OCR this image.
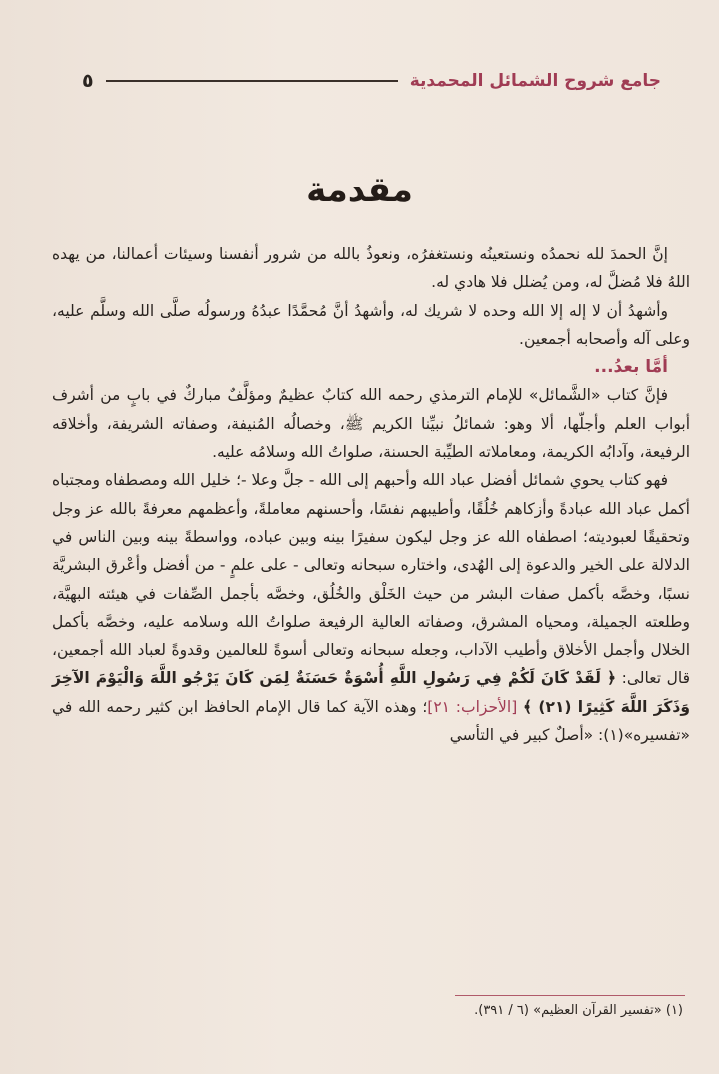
جامع شروح الشمائل المحمدية
٥
مقدمة

إنَّ الحمدَ لله نحمدُه ونستعينُه ونستغفرُه، ونعوذُ بالله من شرور أنفسنا وسيئات أعمالنا، من يهده اللهُ فلا مُضلَّ له، ومن يُضلل فلا هادي له.

وأشهدُ أن لا إله إلا الله وحده لا شريك له، وأشهدُ أنَّ مُحمَّدًا عبدُهُ ورسولُه صلَّى الله وسلَّم عليه، وعلى آله وأصحابه أجمعين.

أمَّا بعدُ...

فإنَّ كتاب «الشَّمائل» للإمام الترمذي رحمه الله كتابٌ عظيمٌ ومؤلَّفٌ مباركٌ في بابٍ من أشرف أبواب العلم وأجلّها، ألا وهو: شمائلُ نبيِّنا الكريم ﷺ، وخصالُه المُنيفة، وصفاته الشريفة، وأخلاقه الرفيعة، وآدابُه الكريمة، ومعاملاته الطيِّبة الحسنة، صلواتُ الله وسلامُه عليه.

فهو كتاب يحوي شمائل أفضل عباد الله وأحبهم إلى الله - جلَّ وعلا -؛ خليل الله ومصطفاه ومجتباه أكمل عباد الله عبادةً وأزكاهم خُلُقًا، وأطيبهم نفسًا، وأحسنهم معاملةً، وأعظمهم معرفةً بالله عز وجل وتحقيقًا لعبوديته؛ اصطفاه الله عز وجل ليكون سفيرًا بينه وبين عباده، وواسطةً بينه وبين الناس في الدلالة على الخير والدعوة إلى الهُدى، واختاره سبحانه وتعالى - على علمٍ - من أفضل وأعْرق البشريَّة نسبًا، وخصَّه بأكمل صفات البشر من حيث الخَلْق والخُلُق، وخصَّه بأجمل الصِّفات في هيئته البهيَّة، وطلعته الجميلة، ومحياه المشرق، وصفاته العالية الرفيعة صلواتُ الله وسلامه عليه، وخصَّه بأكمل الخلال وأجمل الأخلاق وأطيب الآداب، وجعله سبحانه وتعالى أسوةً للعالمين وقدوةً لعباد الله أجمعين، قال تعالى: ﴿ لَقَدْ كَانَ لَكُمْ فِي رَسُولِ اللَّهِ أُسْوَةٌ حَسَنَةٌ لِمَن كَانَ يَرْجُو اللَّهَ وَالْيَوْمَ الآخِرَ وَذَكَرَ اللَّهَ كَثِيرًا (٢١) ﴾ [الأحزاب: ٢١]؛ وهذه الآية كما قال الإمام الحافظ ابن كثير رحمه الله في «تفسيره»(١): «أصلٌ كبير في التأسي

(١) «تفسير القرآن العظيم» (٦ / ٣٩١).
